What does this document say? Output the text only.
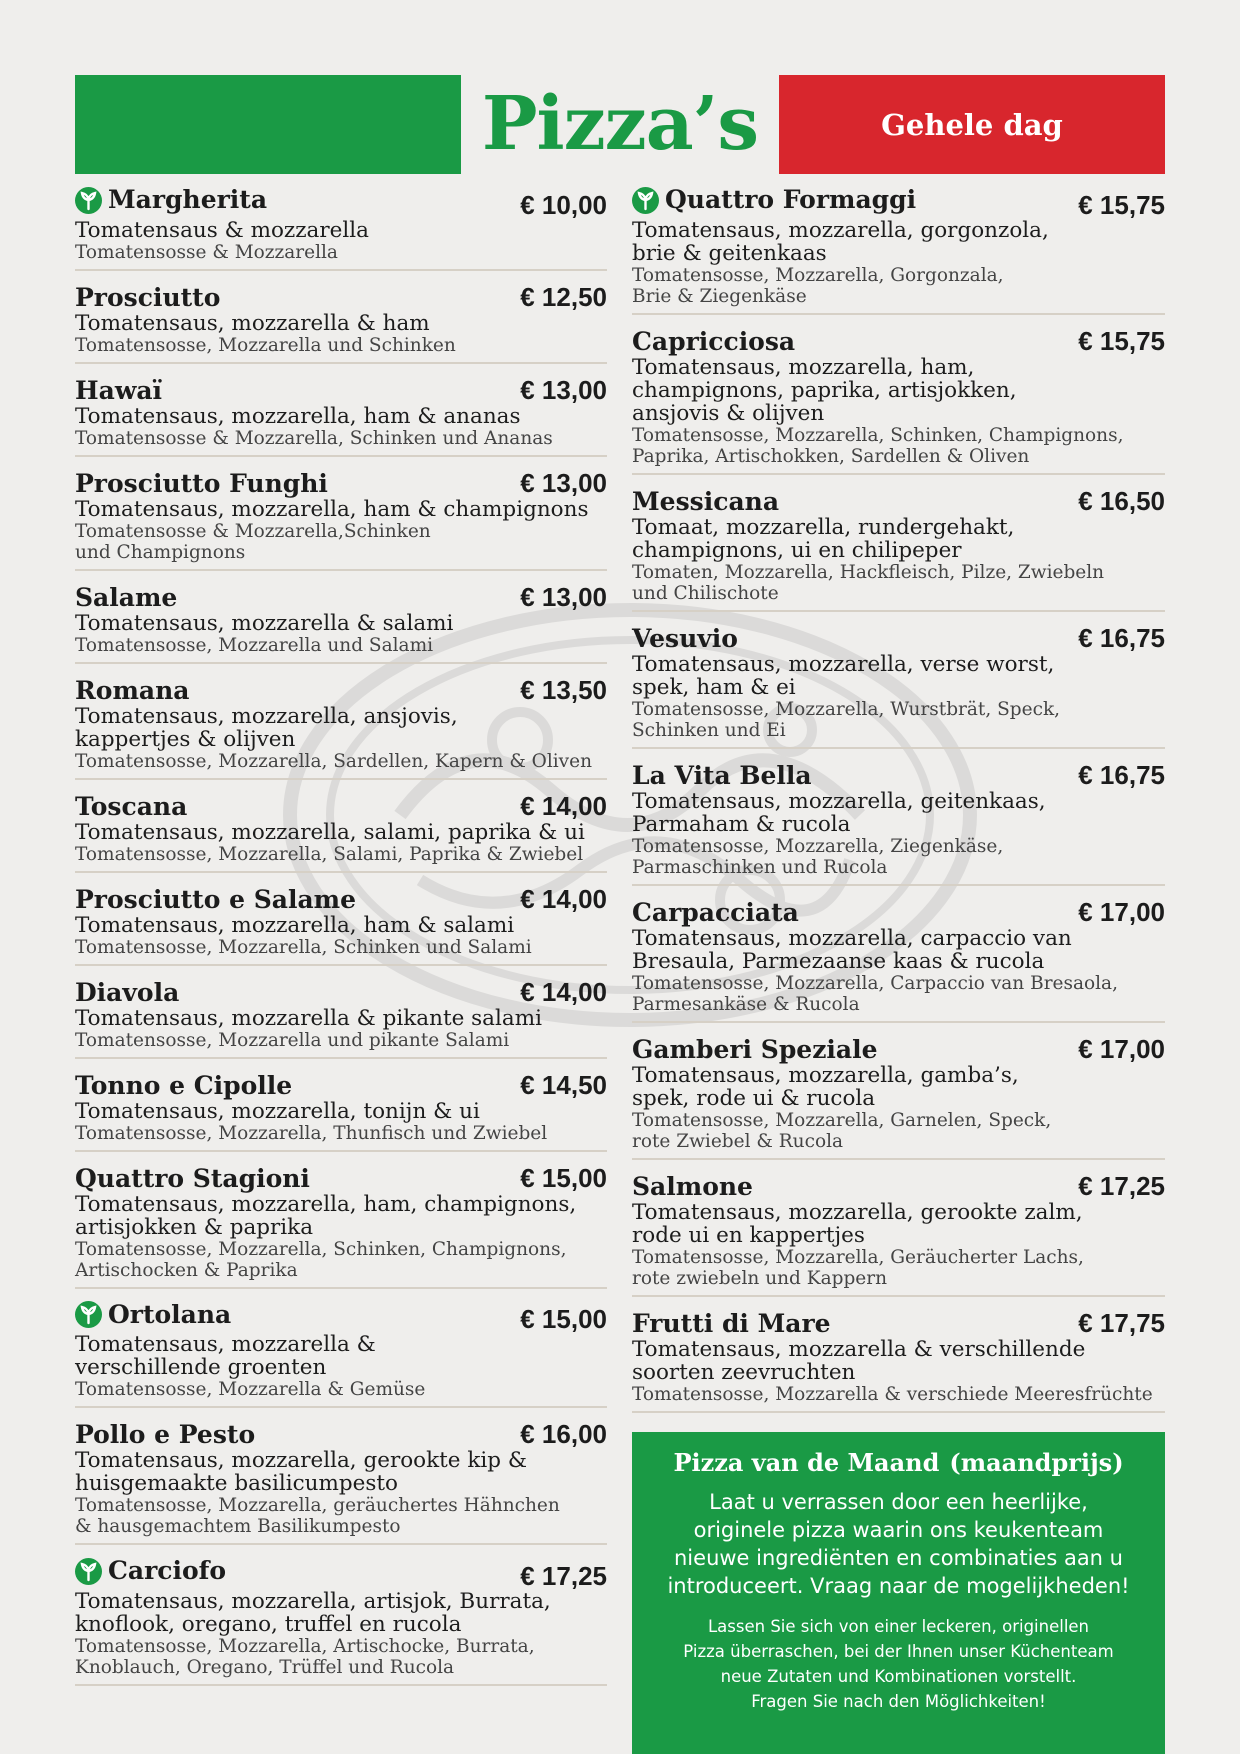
Pizza’s	Gehele dag
Margherita	€ 10,00
Tomatensaus & mozzarella
Tomatensosse & Mozzarella
Prosciutto	€ 12,50
Tomatensaus, mozzarella & ham
Tomatensosse, Mozzarella und Schinken
Hawaï	€ 13,00
Tomatensaus, mozzarella, ham & ananas
Tomatensosse & Mozzarella, Schinken und Ananas
Prosciutto Funghi	€ 13,00
Tomatensaus, mozzarella, ham & champignons
Tomatensosse & Mozzarella,Schinken
und Champignons
Salame	€ 13,00
Tomatensaus, mozzarella & salami
Tomatensosse, Mozzarella und Salami
Romana	€ 13,50
Tomatensaus, mozzarella, ansjovis,
kappertjes & olijven
Tomatensosse, Mozzarella, Sardellen, Kapern & Oliven
Toscana	€ 14,00
Tomatensaus, mozzarella, salami, paprika & ui
Tomatensosse, Mozzarella, Salami, Paprika & Zwiebel
Prosciutto e Salame	€ 14,00
Tomatensaus, mozzarella, ham & salami
Tomatensosse, Mozzarella, Schinken und Salami
Diavola	€ 14,00
Tomatensaus, mozzarella & pikante salami
Tomatensosse, Mozzarella und pikante Salami
Tonno e Cipolle	€ 14,50
Tomatensaus, mozzarella, tonijn & ui
Tomatensosse, Mozzarella, Thunfisch und Zwiebel
Quattro Stagioni	€ 15,00
Tomatensaus, mozzarella, ham, champignons,
artisjokken & paprika
Tomatensosse, Mozzarella, Schinken, Champignons,
Artischocken & Paprika
Ortolana	€ 15,00
Tomatensaus, mozzarella &
verschillende groenten
Tomatensosse, Mozzarella & Gemüse
Pollo e Pesto	€ 16,00
Tomatensaus, mozzarella, gerookte kip &
huisgemaakte basilicumpesto
Tomatensosse, Mozzarella, geräuchertes Hähnchen
& hausgemachtem Basilikumpesto
Carciofo	€ 17,25
Tomatensaus, mozzarella, artisjok, Burrata,
knoflook, oregano, truffel en rucola
Tomatensosse, Mozzarella, Artischocke, Burrata,
Knoblauch, Oregano, Trüffel und Rucola
Quattro Formaggi	€ 15,75
Tomatensaus, mozzarella, gorgonzola,
brie & geitenkaas
Tomatensosse, Mozzarella, Gorgonzala,
Brie & Ziegenkäse
Capricciosa	€ 15,75
Tomatensaus, mozzarella, ham,
champignons, paprika, artisjokken,
ansjovis & olijven
Tomatensosse, Mozzarella, Schinken, Champignons,
Paprika, Artischokken, Sardellen & Oliven
Messicana	€ 16,50
Tomaat, mozzarella, rundergehakt,
champignons, ui en chilipeper
Tomaten, Mozzarella, Hackfleisch, Pilze, Zwiebeln
und Chilischote
Vesuvio	€ 16,75
Tomatensaus, mozzarella, verse worst,
spek, ham & ei
Tomatensosse, Mozzarella, Wurstbrät, Speck,
Schinken und Ei
La Vita Bella	€ 16,75
Tomatensaus, mozzarella, geitenkaas,
Parmaham & rucola
Tomatensosse, Mozzarella, Ziegenkäse,
Parmaschinken und Rucola
Carpacciata	€ 17,00
Tomatensaus, mozzarella, carpaccio van
Bresaula, Parmezaanse kaas & rucola
Tomatensosse, Mozzarella, Carpaccio van Bresaola,
Parmesankäse & Rucola
Gamberi Speziale	€ 17,00
Tomatensaus, mozzarella, gamba’s,
spek, rode ui & rucola
Tomatensosse, Mozzarella, Garnelen, Speck,
rote Zwiebel & Rucola
Salmone	€ 17,25
Tomatensaus, mozzarella, gerookte zalm,
rode ui en kappertjes
Tomatensosse, Mozzarella, Geräucherter Lachs,
rote zwiebeln und Kappern
Frutti di Mare	€ 17,75
Tomatensaus, mozzarella & verschillende
soorten zeevruchten
Tomatensosse, Mozzarella & verschiede Meeresfrüchte
Pizza van de Maand (maandprijs)
Laat u verrassen door een heerlijke,
originele pizza waarin ons keukenteam
nieuwe ingrediënten en combinaties aan u
introduceert. Vraag naar de mogelijkheden!
Lassen Sie sich von einer leckeren, originellen
Pizza überraschen, bei der Ihnen unser Küchenteam
neue Zutaten und Kombinationen vorstellt.
Fragen Sie nach den Möglichkeiten!
